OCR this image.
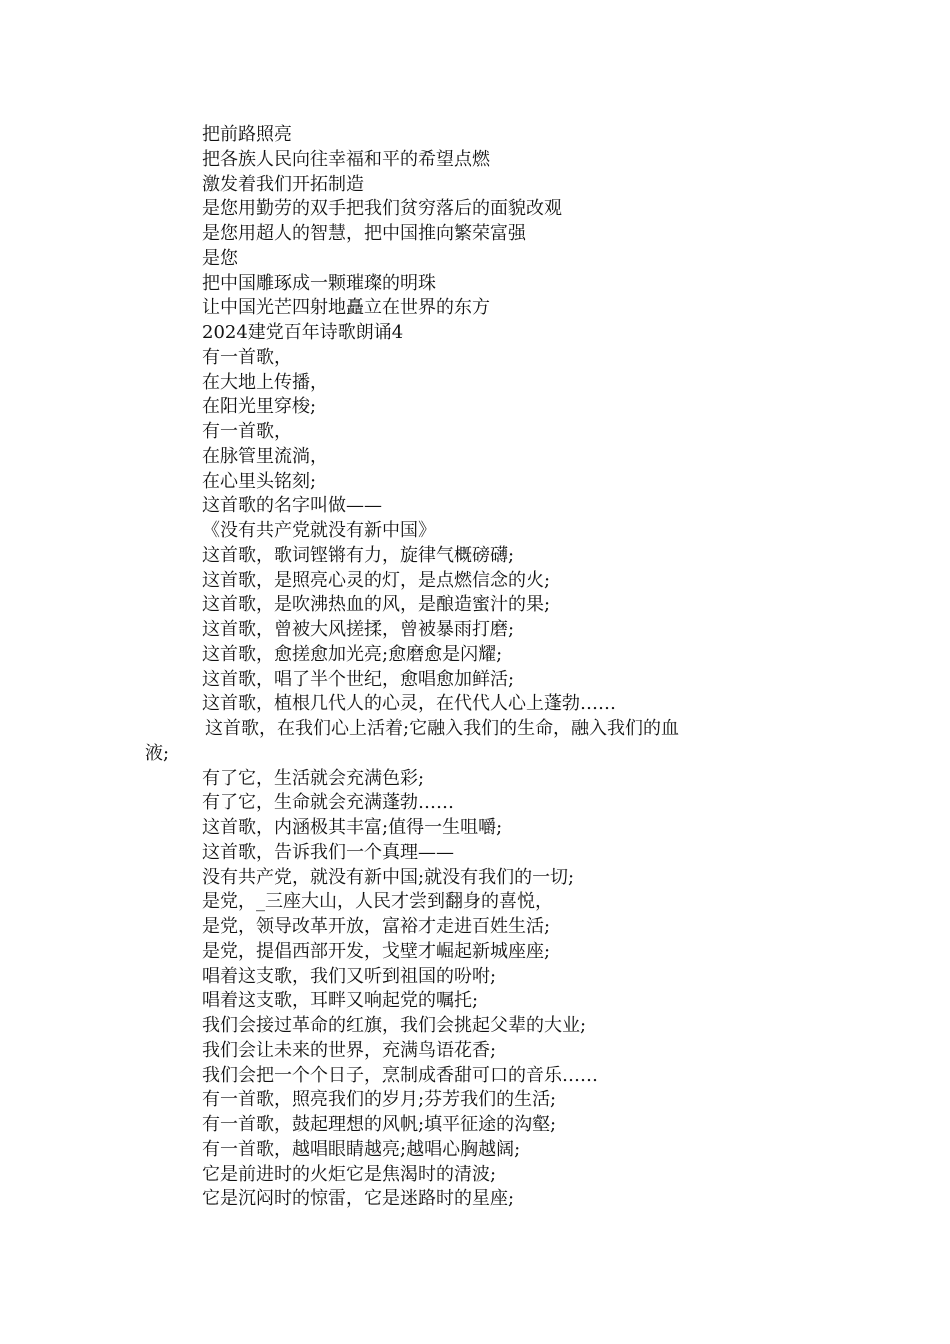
把前路照亮

把各族人民向往幸福和平的希望点燃

激发着我们开拓制造

是您用勤劳的双手把我们贫穷落后的面貌改观

是您用超人的智慧，把中国推向繁荣富强

是您

把中国雕琢成一颗璀璨的明珠

让中国光芒四射地矗立在世界的东方

2024建党百年诗歌朗诵4

有一首歌，

在大地上传播，

在阳光里穿梭;

有一首歌，

在脉管里流淌，

在心里头铭刻;

这首歌的名字叫做——

《没有共产党就没有新中国》

这首歌，歌词铿锵有力，旋律气概磅礴;

这首歌，是照亮心灵的灯，是点燃信念的火;

这首歌，是吹沸热血的风，是酿造蜜汁的果;

这首歌，曾被大风搓揉，曾被暴雨打磨;

这首歌，愈搓愈加光亮;愈磨愈是闪耀;

这首歌，唱了半个世纪，愈唱愈加鲜活;

这首歌，植根几代人的心灵，在代代人心上蓬勃……

这首歌，在我们心上活着;它融入我们的生命，融入我们的血

液;

有了它，生活就会充满色彩;

有了它，生命就会充满蓬勃……

这首歌，内涵极其丰富;值得一生咀嚼;

这首歌，告诉我们一个真理——

没有共产党，就没有新中国;就没有我们的一切;

是党，_三座大山，人民才尝到翻身的喜悦，

是党，领导改革开放，富裕才走进百姓生活;

是党，提倡西部开发，戈壁才崛起新城座座;

唱着这支歌，我们又听到祖国的吩咐;

唱着这支歌，耳畔又响起党的嘱托;

我们会接过革命的红旗，我们会挑起父辈的大业;

我们会让未来的世界，充满鸟语花香;

我们会把一个个日子，烹制成香甜可口的音乐……

有一首歌，照亮我们的岁月;芬芳我们的生活;

有一首歌，鼓起理想的风帆;填平征途的沟壑;

有一首歌，越唱眼睛越亮;越唱心胸越阔;

它是前进时的火炬它是焦渴时的清波;

它是沉闷时的惊雷，它是迷路时的星座;
